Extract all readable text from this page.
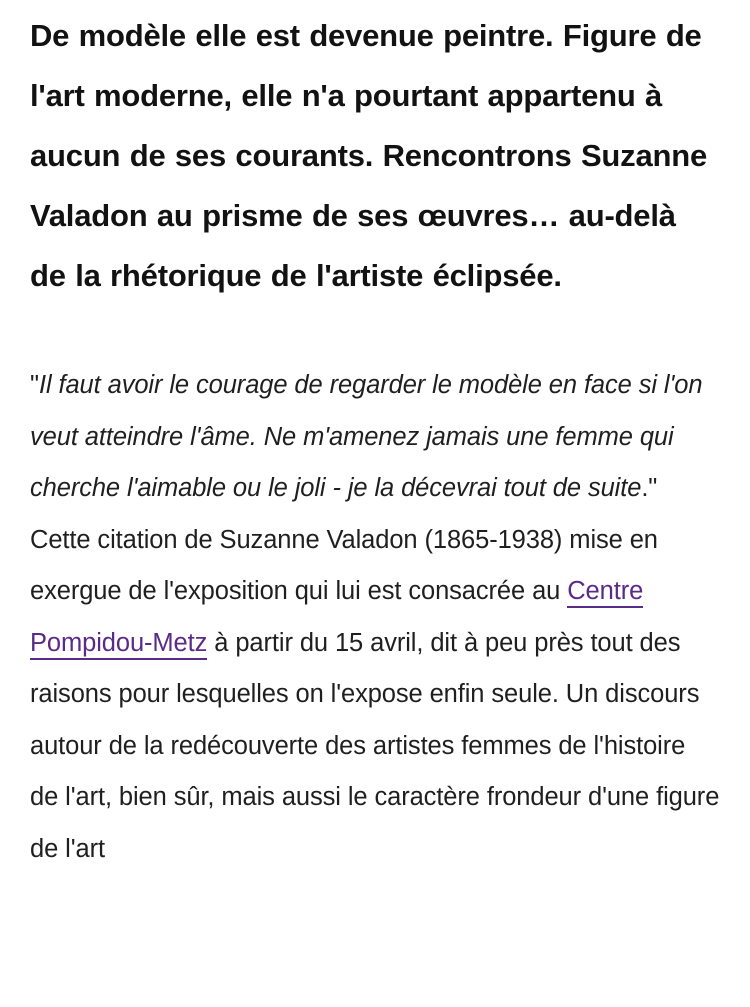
De modèle elle est devenue peintre. Figure de l'art moderne, elle n'a pourtant appartenu à aucun de ses courants. Rencontrons Suzanne Valadon au prisme de ses œuvres… au-delà de la rhétorique de l'artiste éclipsée.

"Il faut avoir le courage de regarder le modèle en face si l'on veut atteindre l'âme. Ne m'amenez jamais une femme qui cherche l'aimable ou le joli - je la décevrai tout de suite." Cette citation de Suzanne Valadon (1865-1938) mise en exergue de l'exposition qui lui est consacrée au Centre Pompidou-Metz à partir du 15 avril, dit à peu près tout des raisons pour lesquelles on l'expose enfin seule. Un discours autour de la redécouverte des artistes femmes de l'histoire de l'art, bien sûr, mais aussi le caractère frondeur d'une figure de l'art
